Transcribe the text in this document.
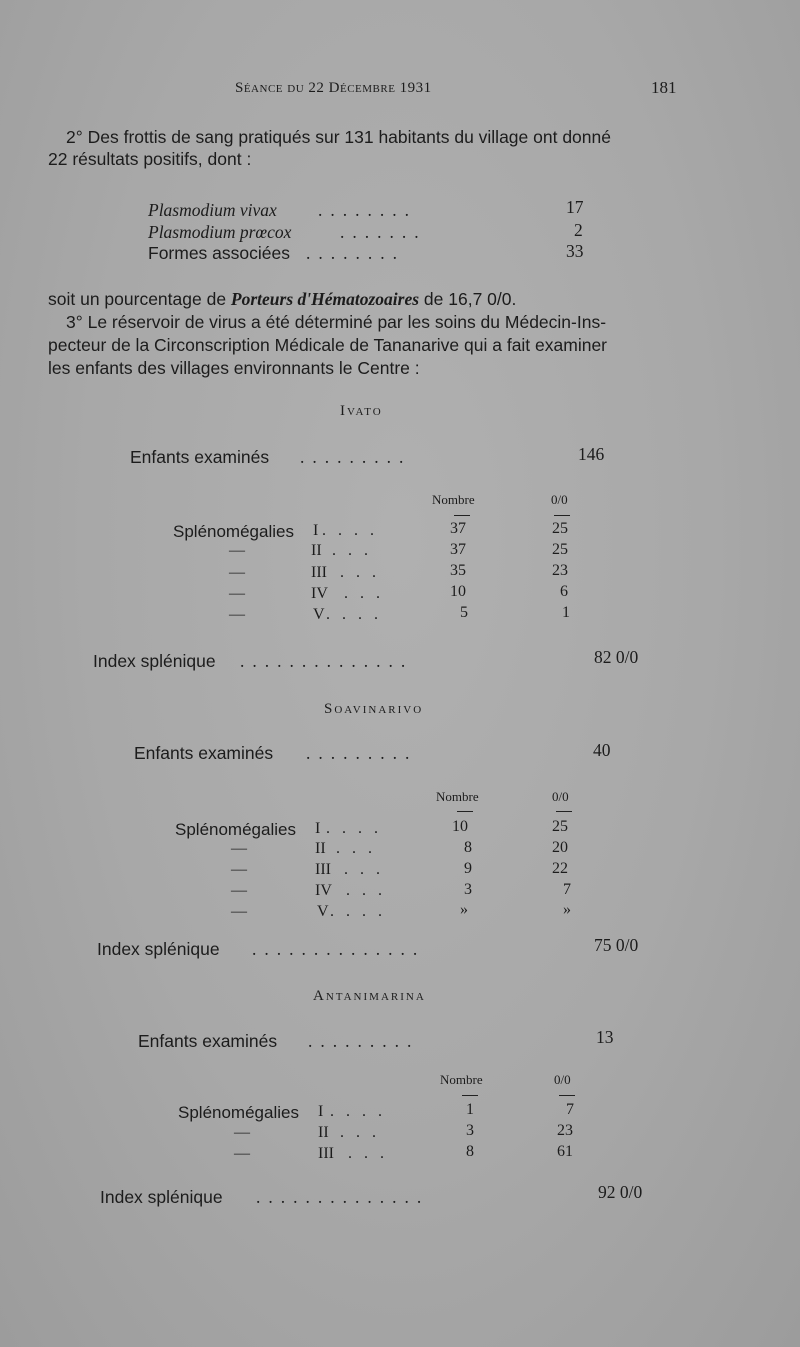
Séance du 22 Décembre 1931	181
2° Des frottis de sang pratiqués sur 131 habitants du village ont donné
22 résultats positifs, dont :
Plasmodium vivax ........	17
Plasmodium prœcox	.......	2
Formes associées ........	33
soit un pourcentage de Porteurs d'Hématozoaires de 16,7 0/0.
3° Le réservoir de virus a été déterminé par les soins du Médecin-Ins-
pecteur de la Circonscription Médicale de Tananarive qui a fait examiner
les enfants des villages environnants le Centre :
Ivato
Enfants examinés .........	146
Nombre	0/0
Splénomégalies I .   .   .   .	37	25
—	II .   .   .	37	25
—	III .   .   .	35	23
—	IV .   .   .	10	6
—	V .   .   .   .	5	1
Index splénique ..............	82 0/0
Soavinarivo
Enfants examinés .........	40
Nombre	0/0
Splénomégalies I .   .   .   .	10	25
—	II .   .   .	8	20
—	III .   .   .	9	22
—	IV .   .   .	3	7
—	V .   .   .   .	»	»
Index splénique ..............	75 0/0
Antanimarina
Enfants examinés .........	13
Nombre	0/0
Splénomégalies I .   .   .   .	1	7
—	II .   .   .	3	23
—	III .   .   .	8	61
Index splénique ..............	92 0/0
